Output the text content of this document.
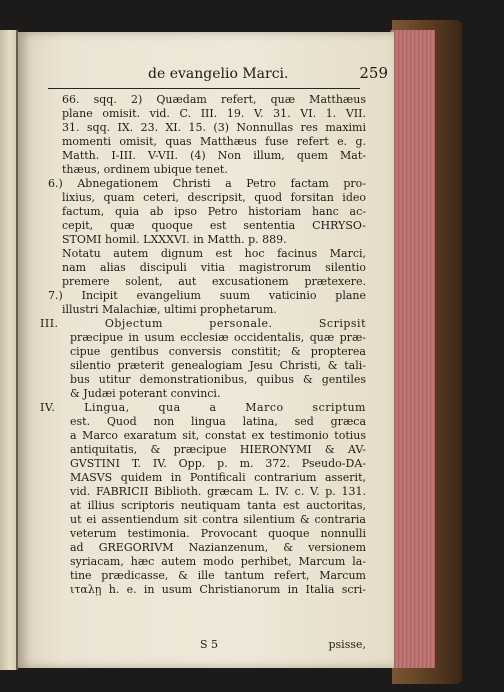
de evangelio Marci.	259
66. sqq. 2) Quædam refert, quæ Matthæus
plane omisit. vid. C. III. 19. V. 31. VI. 1. VII.
31. sqq. IX. 23. XI. 15. (3) Nonnullas res maximi
momenti omisit, quas Matthæus fuse refert e. g.
Matth. I-III. V-VII. (4) Non illum, quem Mat-
thæus, ordinem ubique tenet.
6.) Abnegationem Christi a Petro factam pro-
lixius, quam ceteri, descripsit, quod forsitan ideo
factum, quia ab ipso Petro historiam hanc ac-
cepit, quæ quoque est sententia CHRYSO-
STOMI homil. LXXXVI. in Matth. p. 889.
Notatu autem dignum est hoc facinus Marci,
nam alias discipuli vitia magistrorum silentio
premere solent, aut excusationem prætexere.
7.) Incipit evangelium suum vaticinio plane
illustri Malachiæ, ultimi prophetarum.
III. Objectum personale. Scripsit
præcipue in usum ecclesiæ occidentalis, quæ præ-
cipue gentibus conversis constitit; & propterea
silentio præterit genealogiam Jesu Christi, & tali-
bus utitur demonstrationibus, quibus & gentiles
& Judæi poterant convinci.
IV. Lingua, qua a Marco scriptum
est. Quod non lingua latina, sed græca
a Marco exaratum sit, constat ex testimonio totius
antiquitatis, & præcipue HIERONYMI & AV-
GVSTINI T. IV. Opp. p. m. 372. Pseudo-DA-
MASVS quidem in Pontificali contrarium asserit,
vid. FABRICII Biblioth. græcam L. IV. c. V. p. 131.
at illius scriptoris neutiquam tanta est auctoritas,
ut ei assentiendum sit contra silentium & contraria
veterum testimonia. Provocant quoque nonnulli
ad GREGORIVM Nazianzenum, & versionem
syriacam, hæc autem modo perhibet, Marcum la-
tine prædicasse, & ille tantum refert, Marcum
ιταλῃ h. e. in usum Christianorum in Italia scri-
S 5	psisse,
